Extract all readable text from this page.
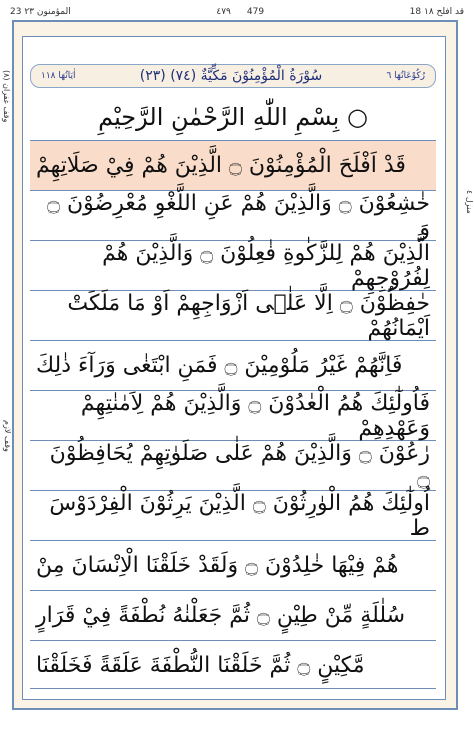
23 المؤمنون ٢٣	٤٧٩ 479	18 قد افلح ١٨
اٰيَاتُهَا ١١٨	(٢٣) سُوْرَةُ الْمُؤْمِنُوْنَ مَكِّيَّةٌ (٧٤)	رُكُوْعَاتُهَا ٦
بِسْمِ اللّٰهِ الرَّحْمٰنِ الرَّحِيْمِ ○
قَدْ اَفْلَحَ الْمُؤْمِنُوْنَ ۝ الَّذِيْنَ هُمْ فِيْ صَلَاتِهِمْ
خٰشِعُوْنَ ۝ وَالَّذِيْنَ هُمْ عَنِ اللَّغْوِ مُعْرِضُوْنَ ۝ وَ
الَّذِيْنَ هُمْ لِلزَّكٰوةِ فٰعِلُوْنَ ۝ وَالَّذِيْنَ هُمْ لِفُرُوْجِهِمْ
حٰفِظُوْنَ ۝ اِلَّا عَلٰۤى اَزْوَاجِهِمْ اَوْ مَا مَلَكَتْ اَيْمَانُهُمْ
فَاِنَّهُمْ غَيْرُ مَلُوْمِيْنَ ۝ فَمَنِ ابْتَغٰى وَرَآءَ ذٰلِكَ
فَاُولٰٓئِكَ هُمُ الْعٰدُوْنَ ۝ وَالَّذِيْنَ هُمْ لِاَمٰنٰتِهِمْ وَعَهْدِهِمْ
رٰعُوْنَ ۝ وَالَّذِيْنَ هُمْ عَلٰى صَلَوٰتِهِمْ يُحَافِظُوْنَ ۝
اُولٰٓئِكَ هُمُ الْوٰرِثُوْنَ ۝ الَّذِيْنَ يَرِثُوْنَ الْفِرْدَوْسَ ط
هُمْ فِيْهَا خٰلِدُوْنَ ۝ وَلَقَدْ خَلَقْنَا الْاِنْسَانَ مِنْ
سُلٰلَةٍ مِّنْ طِيْنٍ ۝ ثُمَّ جَعَلْنٰهُ نُطْفَةً فِيْ قَرَارٍ
مَّكِيْنٍ ۝ ثُمَّ خَلَقْنَا النُّطْفَةَ عَلَقَةً فَخَلَقْنَا
منزل ٤
وقف لازم
(٨) وقف غفران
